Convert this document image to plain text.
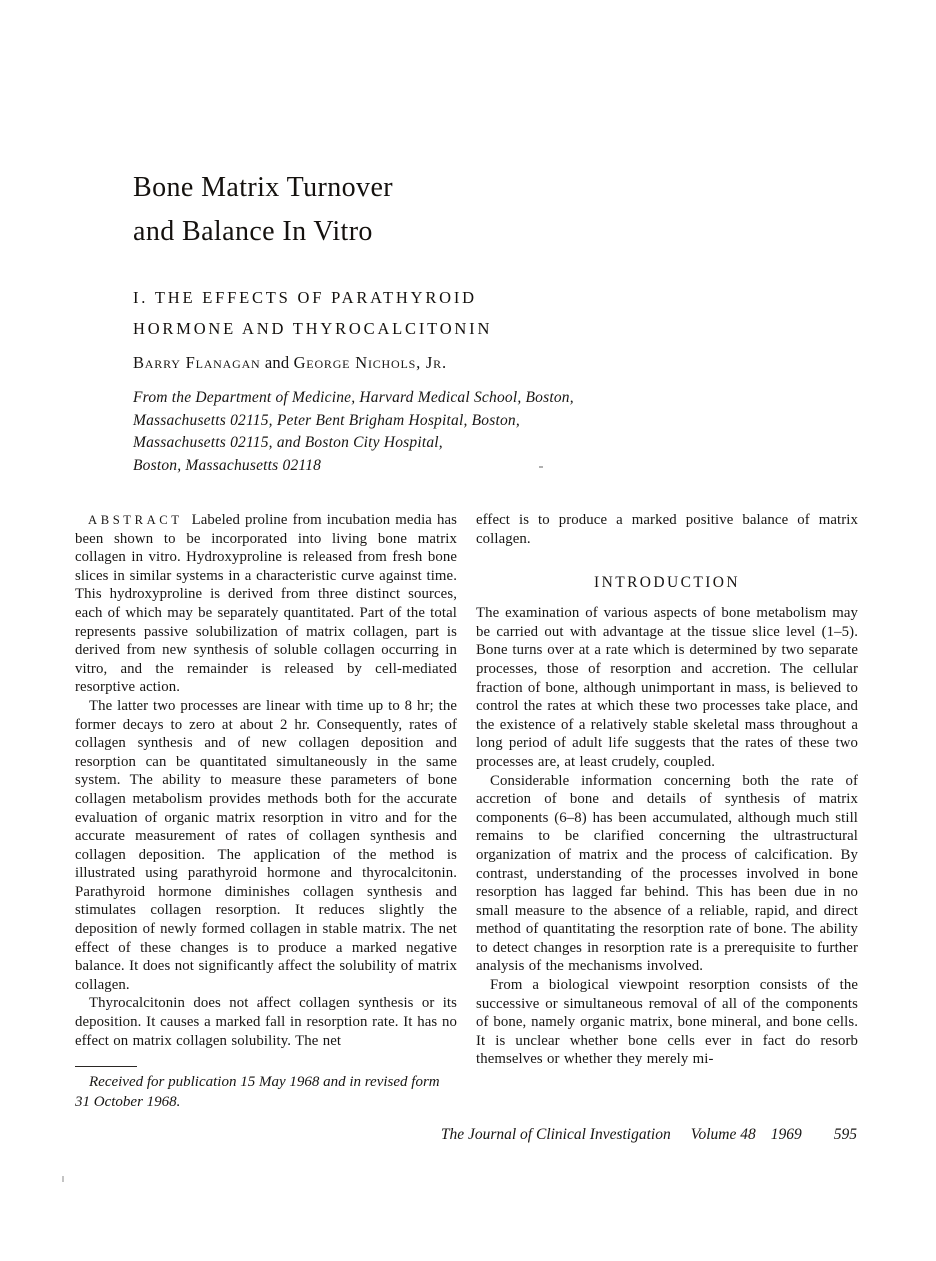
Bone Matrix Turnover
and Balance In Vitro
I. THE EFFECTS OF PARATHYROID
HORMONE AND THYROCALCITONIN
Barry Flanagan and George Nichols, Jr.
From the Department of Medicine, Harvard Medical School, Boston,
Massachusetts 02115, Peter Bent Brigham Hospital, Boston,
Massachusetts 02115, and Boston City Hospital,
Boston, Massachusetts 02118

ABSTRACT Labeled proline from incubation media has been shown to be incorporated into living bone matrix collagen in vitro. Hydroxyproline is released from fresh bone slices in similar systems in a characteristic curve against time. This hydroxyproline is derived from three distinct sources, each of which may be separately quantitated. Part of the total represents passive solubilization of matrix collagen, part is derived from new synthesis of soluble collagen occurring in vitro, and the remainder is released by cell-mediated resorptive action.

The latter two processes are linear with time up to 8 hr; the former decays to zero at about 2 hr. Consequently, rates of collagen synthesis and of new collagen deposition and resorption can be quantitated simultaneously in the same system. The ability to measure these parameters of bone collagen metabolism provides methods both for the accurate evaluation of organic matrix resorption in vitro and for the accurate measurement of rates of collagen synthesis and collagen deposition. The application of the method is illustrated using parathyroid hormone and thyrocalcitonin. Parathyroid hormone diminishes collagen synthesis and stimulates collagen resorption. It reduces slightly the deposition of newly formed collagen in stable matrix. The net effect of these changes is to produce a marked negative balance. It does not significantly affect the solubility of matrix collagen.

Thyrocalcitonin does not affect collagen synthesis or its deposition. It causes a marked fall in resorption rate. It has no effect on matrix collagen solubility. The net

effect is to produce a marked positive balance of matrix collagen.

INTRODUCTION

The examination of various aspects of bone metabolism may be carried out with advantage at the tissue slice level (1–5). Bone turns over at a rate which is determined by two separate processes, those of resorption and accretion. The cellular fraction of bone, although unimportant in mass, is believed to control the rates at which these two processes take place, and the existence of a relatively stable skeletal mass throughout a long period of adult life suggests that the rates of these two processes are, at least crudely, coupled.

Considerable information concerning both the rate of accretion of bone and details of synthesis of matrix components (6–8) has been accumulated, although much still remains to be clarified concerning the ultrastructural organization of matrix and the process of calcification. By contrast, understanding of the processes involved in bone resorption has lagged far behind. This has been due in no small measure to the absence of a reliable, rapid, and direct method of quantitating the resorption rate of bone. The ability to detect changes in resorption rate is a prerequisite to further analysis of the mechanisms involved.

From a biological viewpoint resorption consists of the successive or simultaneous removal of all of the components of bone, namely organic matrix, bone mineral, and bone cells. It is unclear whether bone cells ever in fact do resorb themselves or whether they merely mi-

Received for publication 15 May 1968 and in revised form 31 October 1968.

The Journal of Clinical Investigation Volume 48 1969 595
